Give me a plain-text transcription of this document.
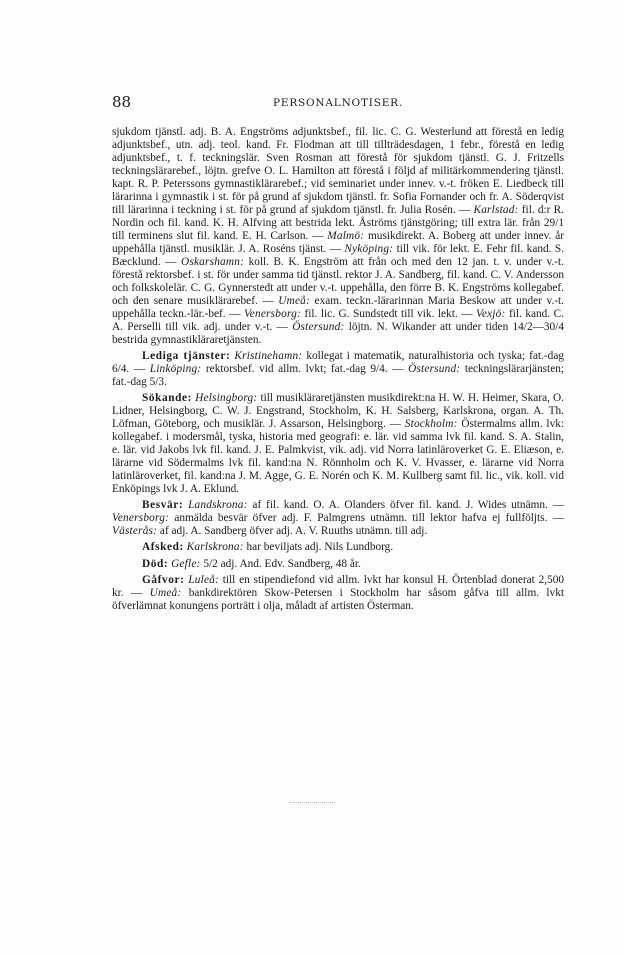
88	PERSONALNOTISER.

sjukdom tjänstl. adj. B. A. Engströms adjunktsbef., fil. lic. C. G. Westerlund att förestå en ledig adjunktsbef., utn. adj. teol. kand. Fr. Flodman att till tillträdesdagen, 1 febr., förestå en ledig adjunktsbef., t. f. teckningslär. Sven Rosman att förestå för sjukdom tjänstl. G. J. Fritzells teckningslärarebef., löjtn. grefve O. L. Hamilton att förestå i följd af militärkommendering tjänstl. kapt. R. P. Peterssons gymnastiklärarebef.; vid seminariet under innev. v.-t. fröken E. Liedbeck till lärarinna i gymnastik i st. för på grund af sjukdom tjänstl. fr. Sofia Fornander och fr. A. Söderqvist till lärarinna i teckning i st. för på grund af sjukdom tjänstl. fr. Julia Rosén. — Karlstad: fil. d:r R. Nordin och fil. kand. K. H. Alfving att bestrida lekt. Åströms tjänstgöring; till extra lär. från 29/1 till terminens slut fil. kand. E. H. Carlson. — Malmö: musikdirekt. A. Boberg att under innev. år uppehålla tjänstl. musiklär. J. A. Roséns tjänst. — Nyköping: till vik. för lekt. E. Fehr fil. kand. S. Bæcklund. — Oskarshamn: koll. B. K. Engström att från och med den 12 jan. t. v. under v.-t. förestå rektorsbef. i st. för under samma tid tjänstl. rektor J. A. Sandberg, fil. kand. C. V. Andersson och folkskolelär. C. G. Gynnerstedt att under v.-t. uppehålla, den förre B. K. Engströms kollegabef. och den senare musiklärarebef. — Umeå: exam. teckn.-lärarinnan Maria Beskow att under v.-t. uppehålla teckn.-lär.-bef. — Venersborg: fil. lic. G. Sundstedt till vik. lekt. — Vexjö: fil. kand. C. A. Perselli till vik. adj. under v.-t. — Östersund: löjtn. N. Wikander att under tiden 14/2—30/4 bestrida gymnastikläraretjänsten.

Lediga tjänster: Kristinehamn: kollegat i matematik, naturalhistoria och tyska; fat.-dag 6/4. — Linköping: rektorsbef. vid allm. lvkt; fat.-dag 9/4. — Östersund: teckningslärarjänsten; fat.-dag 5/3.

Sökande: Helsingborg: till musikläraretjänsten musikdirekt:na H. W. H. Heimer, Skara, O. Lidner, Helsingborg, C. W. J. Engstrand, Stockholm, K. H. Salsberg, Karlskrona, organ. A. Th. Löfman, Göteborg, och musiklär. J. Assarson, Helsingborg. — Stockholm: Östermalms allm. lvk: kollegabef. i modersmål, tyska, historia med geografi: e. lär. vid samma lvk fil. kand. S. A. Stalin, e. lär. vid Jakobs lvk fil. kand. J. E. Palmkvist, vik. adj. vid Norra latinläroverket G. E. Eliæson, e. lärarne vid Södermalms lvk fil. kand:na N. Rönnholm och K. V. Hvasser, e. lärarne vid Norra latinläroverket, fil. kand:na J. M. Agge, G. E. Norén och K. M. Kullberg samt fil. lic., vik. koll. vid Enköpings lvk J. A. Eklund.

Besvär: Landskrona: af fil. kand. O. A. Olanders öfver fil. kand. J. Wides utnämn. — Venersborg: anmälda besvär öfver adj. F. Palmgrens utnämn. till lektor hafva ej fullföljts. — Västerås: af adj. A. Sandberg öfver adj. A. V. Ruuths utnämn. till adj.

Afsked: Karlskrona: har beviljats adj. Nils Lundborg.

Död: Gefle: 5/2 adj. And. Edv. Sandberg, 48 år.

Gåfvor: Luleå: till en stipendiefond vid allm. lvkt har konsul H. Örtenblad donerat 2,500 kr. — Umeå: bankdirektören Skow-Petersen i Stockholm har såsom gåfva till allm. lvkt öfverlämnat konungens porträtt i olja, måladt af artisten Österman.
